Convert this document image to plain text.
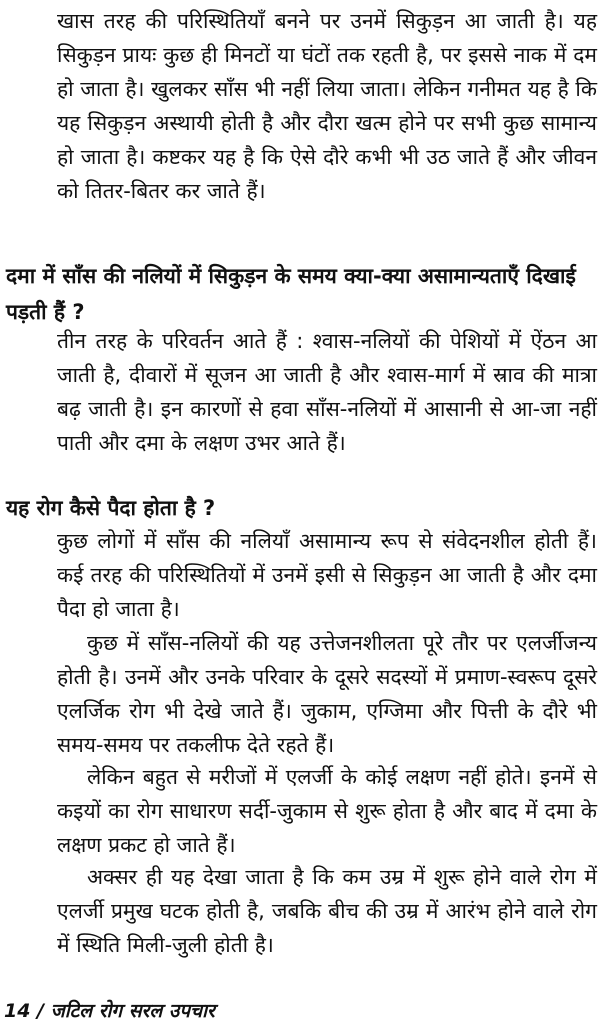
खास तरह की परिस्थितियाँ बनने पर उनमें सिकुड़न आ जाती है। यह सिकुड़न प्रायः कुछ ही मिनटों या घंटों तक रहती है, पर इससे नाक में दम हो जाता है। खुलकर साँस भी नहीं लिया जाता। लेकिन गनीमत यह है कि यह सिकुड़न अस्थायी होती है और दौरा खत्म होने पर सभी कुछ सामान्य हो जाता है। कष्टकर यह है कि ऐसे दौरे कभी भी उठ जाते हैं और जीवन को तितर-बितर कर जाते हैं।

दमा में साँस की नलियों में सिकुड़न के समय क्या-क्या असामान्यताएँ दिखाई पड़ती हैं ?

तीन तरह के परिवर्तन आते हैं : श्वास-नलियों की पेशियों में ऐंठन आ जाती है, दीवारों में सूजन आ जाती है और श्वास-मार्ग में स्राव की मात्रा बढ़ जाती है। इन कारणों से हवा साँस-नलियों में आसानी से आ-जा नहीं पाती और दमा के लक्षण उभर आते हैं।

यह रोग कैसे पैदा होता है ?

कुछ लोगों में साँस की नलियाँ असामान्य रूप से संवेदनशील होती हैं। कई तरह की परिस्थितियों में उनमें इसी से सिकुड़न आ जाती है और दमा पैदा हो जाता है।

कुछ में साँस-नलियों की यह उत्तेजनशीलता पूरे तौर पर एलर्जीजन्य होती है। उनमें और उनके परिवार के दूसरे सदस्यों में प्रमाण-स्वरूप दूसरे एलर्जिक रोग भी देखे जाते हैं। जुकाम, एग्जिमा और पित्ती के दौरे भी समय-समय पर तकलीफ देते रहते हैं।

लेकिन बहुत से मरीजों में एलर्जी के कोई लक्षण नहीं होते। इनमें से कइयों का रोग साधारण सर्दी-जुकाम से शुरू होता है और बाद में दमा के लक्षण प्रकट हो जाते हैं।

अक्सर ही यह देखा जाता है कि कम उम्र में शुरू होने वाले रोग में एलर्जी प्रमुख घटक होती है, जबकि बीच की उम्र में आरंभ होने वाले रोग में स्थिति मिली-जुली होती है।

14 / जटिल रोग सरल उपचार
